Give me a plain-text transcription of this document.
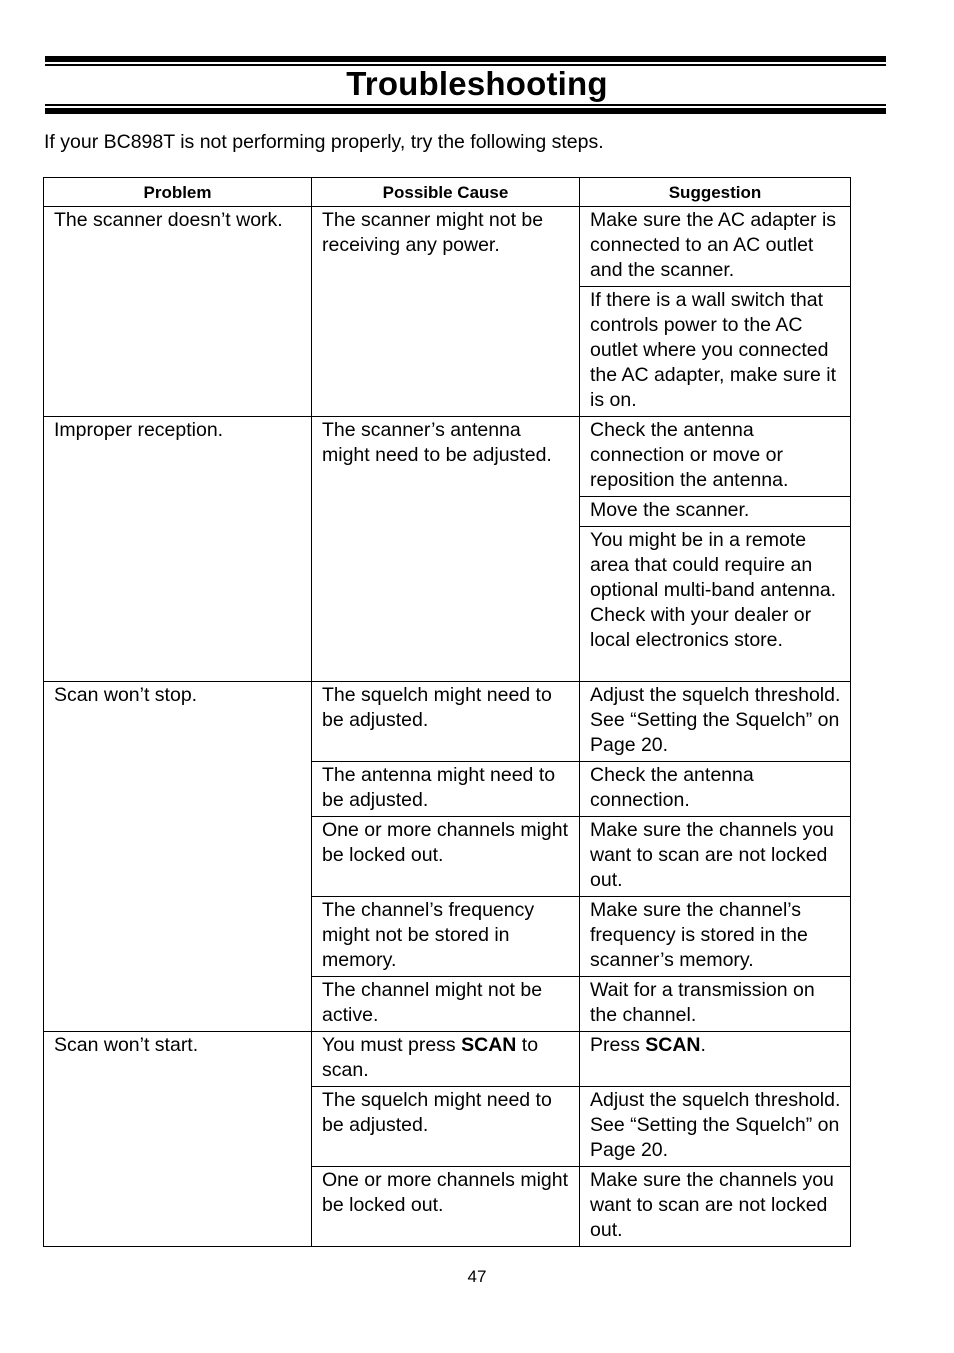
Troubleshooting
If your BC898T is not performing properly, try the following steps.
Problem	Possible Cause	Suggestion
The scanner doesn’t work.	The scanner might not be receiving any power.	Make sure the AC adapter is connected to an AC outlet and the scanner.
		If there is a wall switch that controls power to the AC outlet where you connected the AC adapter, make sure it is on.
Improper reception.	The scanner’s antenna might need to be adjusted.	Check the antenna connection or move or reposition the antenna.
		Move the scanner.
		You might be in a remote area that could require an optional multi-band antenna. Check with your dealer or local electronics store.
Scan won’t stop.	The squelch might need to be adjusted.	Adjust the squelch threshold. See “Setting the Squelch” on Page 20.
	The antenna might need to be adjusted.	Check the antenna connection.
	One or more channels might be locked out.	Make sure the channels you want to scan are not locked out.
	The channel’s frequency might not be stored in memory.	Make sure the channel’s frequency is stored in the scanner’s memory.
	The channel might not be active.	Wait for a transmission on the channel.
Scan won’t start.	You must press SCAN to scan.	Press SCAN.
	The squelch might need to be adjusted.	Adjust the squelch threshold. See “Setting the Squelch” on Page 20.
	One or more channels might be locked out.	Make sure the channels you want to scan are not locked out.
47
